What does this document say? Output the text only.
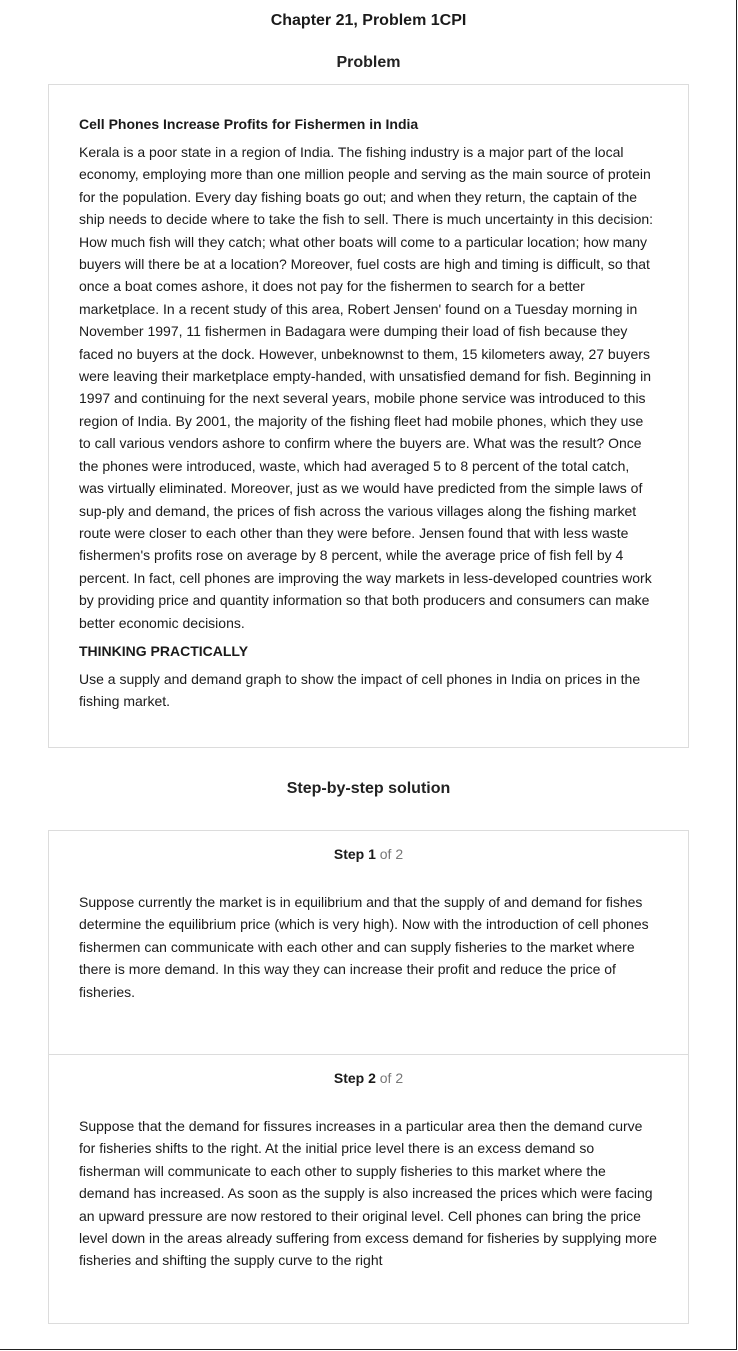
Chapter 21, Problem 1CPI
Problem
Cell Phones Increase Profits for Fishermen in India

Kerala is a poor state in a region of India. The fishing industry is a major part of the local economy, employing more than one million people and serving as the main source of protein for the population. Every day fishing boats go out; and when they return, the captain of the ship needs to decide where to take the fish to sell. There is much uncertainty in this decision: How much fish will they catch; what other boats will come to a particular location; how many buyers will there be at a location? Moreover, fuel costs are high and timing is difficult, so that once a boat comes ashore, it does not pay for the fishermen to search for a better marketplace. In a recent study of this area, Robert Jensen' found on a Tuesday morning in November 1997, 11 fishermen in Badagara were dumping their load of fish because they faced no buyers at the dock. However, unbeknownst to them, 15 kilometers away, 27 buyers were leaving their marketplace empty-handed, with unsatisfied demand for fish. Beginning in 1997 and continuing for the next several years, mobile phone service was introduced to this region of India. By 2001, the majority of the fishing fleet had mobile phones, which they use to call various vendors ashore to confirm where the buyers are. What was the result? Once the phones were introduced, waste, which had averaged 5 to 8 percent of the total catch, was virtually eliminated. Moreover, just as we would have predicted from the simple laws of sup-ply and demand, the prices of fish across the various villages along the fishing market route were closer to each other than they were before. Jensen found that with less waste fishermen's profits rose on average by 8 percent, while the average price of fish fell by 4 percent. In fact, cell phones are improving the way markets in less-developed countries work by providing price and quantity information so that both producers and consumers can make better economic decisions.

THINKING PRACTICALLY

Use a supply and demand graph to show the impact of cell phones in India on prices in the fishing market.

Step-by-step solution
Step 1 of 2

Suppose currently the market is in equilibrium and that the supply of and demand for fishes determine the equilibrium price (which is very high). Now with the introduction of cell phones fishermen can communicate with each other and can supply fisheries to the market where there is more demand. In this way they can increase their profit and reduce the price of fisheries.

Step 2 of 2

Suppose that the demand for fissures increases in a particular area then the demand curve for fisheries shifts to the right. At the initial price level there is an excess demand so fisherman will communicate to each other to supply fisheries to this market where the demand has increased. As soon as the supply is also increased the prices which were facing an upward pressure are now restored to their original level. Cell phones can bring the price level down in the areas already suffering from excess demand for fisheries by supplying more fisheries and shifting the supply curve to the right
